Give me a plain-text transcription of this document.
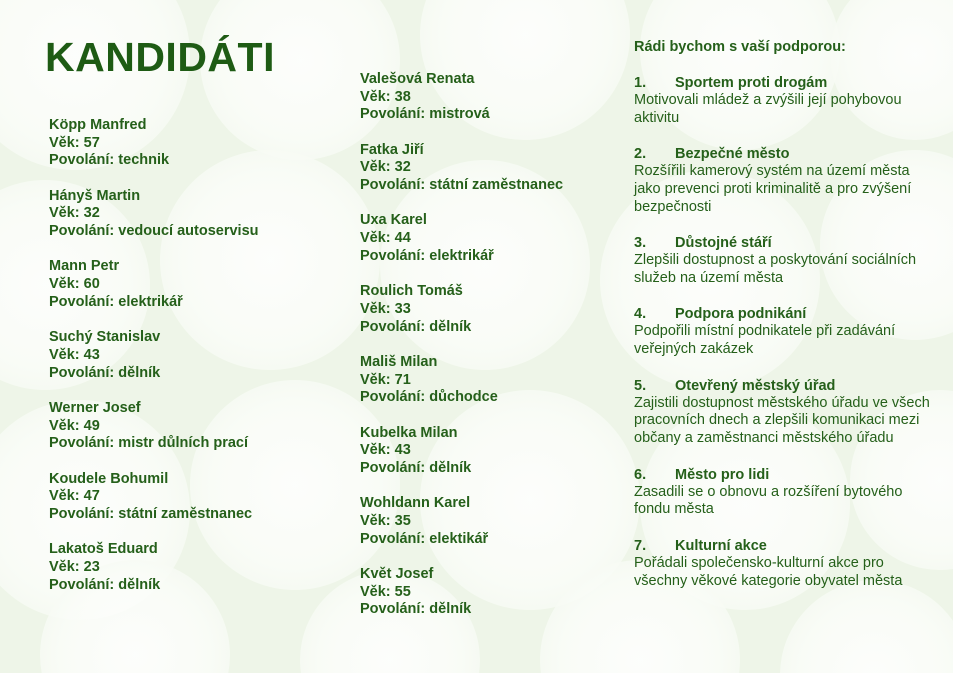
KANDIDÁTI
Köpp Manfred
Věk: 57
Povolání: technik
Hányš Martin
Věk: 32
Povolání: vedoucí autoservisu
Mann Petr
Věk: 60
Povolání: elektrikář
Suchý Stanislav
Věk: 43
Povolání: dělník
Werner Josef
Věk: 49
Povolání: mistr důlních prací
Koudele Bohumil
Věk: 47
Povolání: státní zaměstnanec
Lakatoš Eduard
Věk: 23
Povolání: dělník
Valešová Renata
Věk: 38
Povolání: mistrová
Fatka Jiří
Věk: 32
Povolání: státní zaměstnanec
Uxa Karel
Věk: 44
Povolání: elektrikář
Roulich Tomáš
Věk: 33
Povolání: dělník
Mališ Milan
Věk: 71
Povolání: důchodce
Kubelka Milan
Věk: 43
Povolání: dělník
Wohldann Karel
Věk: 35
Povolání: elektikář
Květ Josef
Věk: 55
Povolání: dělník
Rádi bychom s vaší podporou:
1.	Sportem proti drogám
Motivovali mládež a zvýšili její pohybovou aktivitu
2.	Bezpečné město
Rozšířili kamerový systém na území města jako prevenci proti kriminalitě a pro zvýšení bezpečnosti
3.	Důstojné stáří
Zlepšili dostupnost a poskytování sociálních služeb na území města
4.	Podpora podnikání
Podpořili místní podnikatele při zadávání veřejných zakázek
5.	Otevřený městský úřad
Zajistili dostupnost městského úřadu ve všech pracovních dnech a zlepšili komunikaci mezi občany a zaměstnanci městského úřadu
6.	Město pro lidi
Zasadili se o obnovu a rozšíření bytového fondu města
7.	Kulturní akce
Pořádali společensko-kulturní akce pro všechny věkové kategorie obyvatel města
